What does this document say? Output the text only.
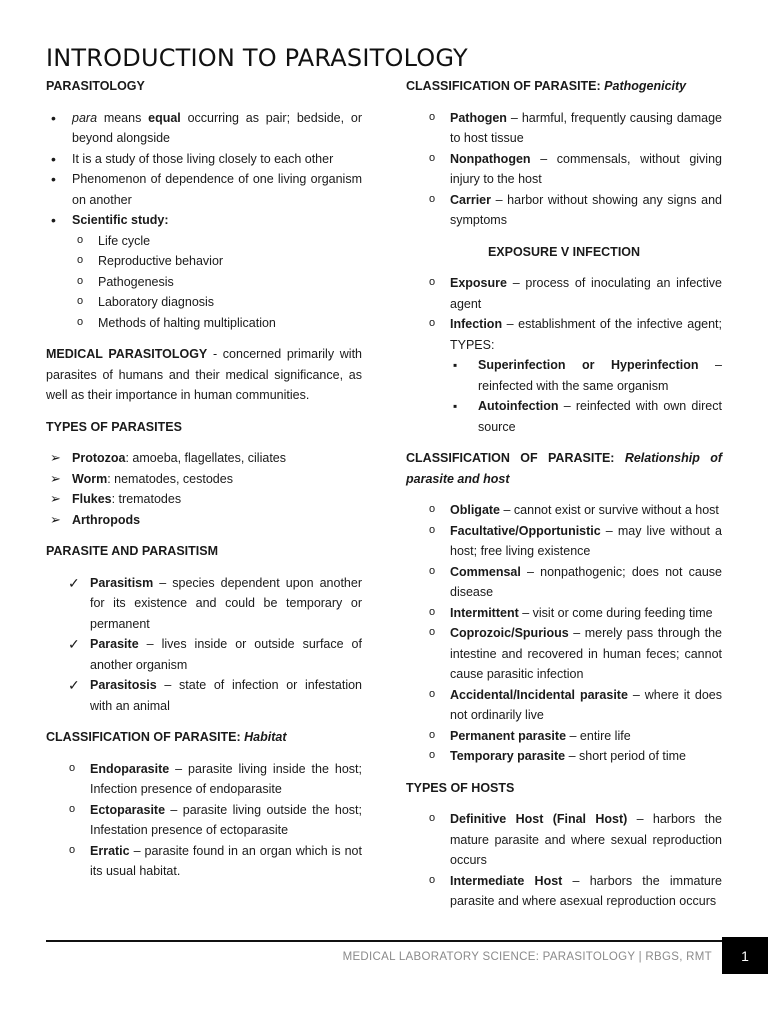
INTRODUCTION TO PARASITOLOGY

PARASITOLOGY

• para means equal occurring as pair; bedside, or beyond alongside
• It is a study of those living closely to each other
• Phenomenon of dependence of one living organism on another
• Scientific study:
o Life cycle
o Reproductive behavior
o Pathogenesis
o Laboratory diagnosis
o Methods of halting multiplication

MEDICAL PARASITOLOGY - concerned primarily with parasites of humans and their medical significance, as well as their importance in human communities.

TYPES OF PARASITES

➢ Protozoa: amoeba, flagellates, ciliates
➢ Worm: nematodes, cestodes
➢ Flukes: trematodes
➢ Arthropods

PARASITE AND PARASITISM

✓ Parasitism – species dependent upon another for its existence and could be temporary or permanent
✓ Parasite – lives inside or outside surface of another organism
✓ Parasitosis – state of infection or infestation with an animal

CLASSIFICATION OF PARASITE: Habitat

o Endoparasite – parasite living inside the host; Infection presence of endoparasite
o Ectoparasite – parasite living outside the host; Infestation presence of ectoparasite
o Erratic – parasite found in an organ which is not its usual habitat.

CLASSIFICATION OF PARASITE: Pathogenicity

o Pathogen – harmful, frequently causing damage to host tissue
o Nonpathogen – commensals, without giving injury to the host
o Carrier – harbor without showing any signs and symptoms

EXPOSURE V INFECTION

o Exposure – process of inoculating an infective agent
o Infection – establishment of the infective agent; TYPES:
▪ Superinfection or Hyperinfection – reinfected with the same organism
▪ Autoinfection – reinfected with own direct source

CLASSIFICATION OF PARASITE: Relationship of parasite and host

o Obligate – cannot exist or survive without a host
o Facultative/Opportunistic – may live without a host; free living existence
o Commensal – nonpathogenic; does not cause disease
o Intermittent – visit or come during feeding time
o Coprozoic/Spurious – merely pass through the intestine and recovered in human feces; cannot cause parasitic infection
o Accidental/Incidental parasite – where it does not ordinarily live
o Permanent parasite – entire life
o Temporary parasite – short period of time

TYPES OF HOSTS

o Definitive Host (Final Host) – harbors the mature parasite and where sexual reproduction occurs
o Intermediate Host – harbors the immature parasite and where asexual reproduction occurs
MEDICAL LABORATORY SCIENCE: PARASITOLOGY | RBGS, RMT	1
